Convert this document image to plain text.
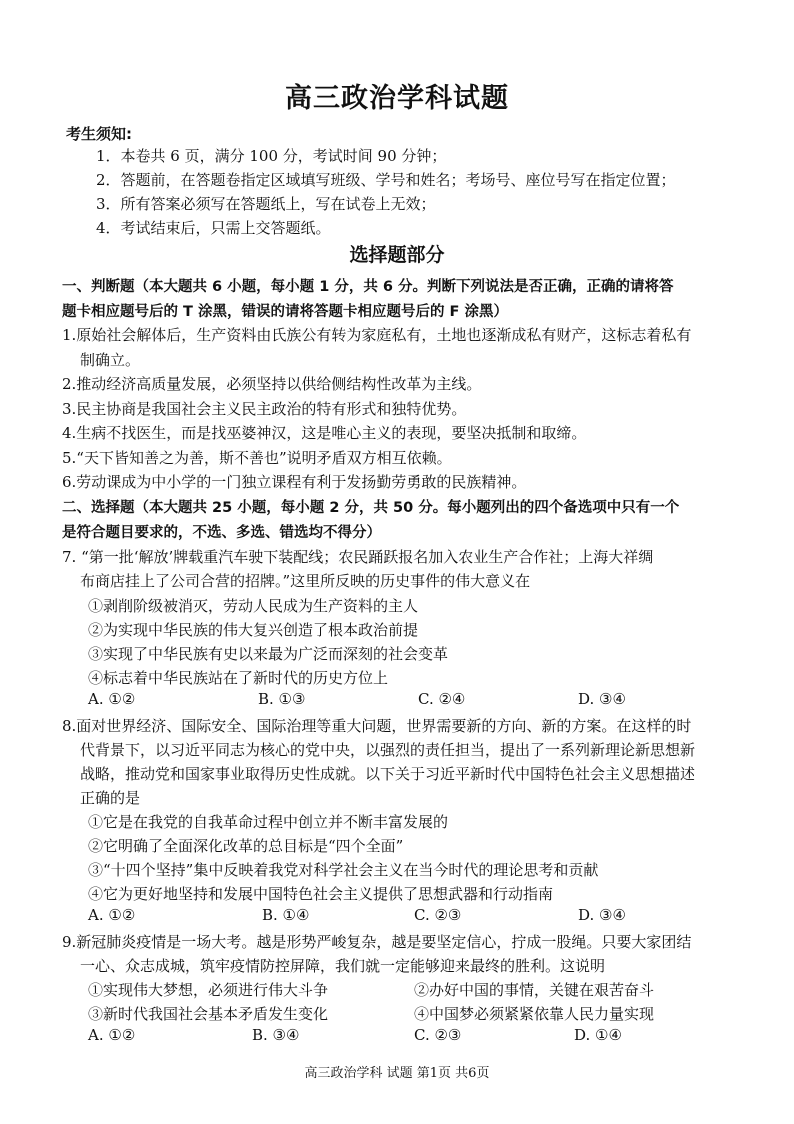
高三政治学科试题
考生须知:
1．本卷共 6 页，满分 100 分，考试时间 90 分钟；
2．答题前，在答题卷指定区域填写班级、学号和姓名；考场号、座位号写在指定位置；
3．所有答案必须写在答题纸上，写在试卷上无效；
4．考试结束后，只需上交答题纸。
选择题部分
一、判断题（本大题共 6 小题，每小题 1 分，共 6 分。判断下列说法是否正确，正确的请将答
题卡相应题号后的 T 涂黑，错误的请将答题卡相应题号后的 F 涂黑）
1.原始社会解体后，生产资料由氏族公有转为家庭私有，土地也逐渐成私有财产，这标志着私有
制确立。
2.推动经济高质量发展，必须坚持以供给侧结构性改革为主线。
3.民主协商是我国社会主义民主政治的特有形式和独特优势。
4.生病不找医生，而是找巫婆神汉，这是唯心主义的表现，要坚决抵制和取缔。
5.“天下皆知善之为善，斯不善也”说明矛盾双方相互依赖。
6.劳动课成为中小学的一门独立课程有利于发扬勤劳勇敢的民族精神。
二、选择题（本大题共 25 小题，每小题 2 分，共 50 分。每小题列出的四个备选项中只有一个
是符合题目要求的，不选、多选、错选均不得分）
7. “第一批‘解放’牌载重汽车驶下装配线；农民踊跃报名加入农业生产合作社；上海大祥绸
布商店挂上了公司合营的招牌。”这里所反映的历史事件的伟大意义在
①剥削阶级被消灭，劳动人民成为生产资料的主人
②为实现中华民族的伟大复兴创造了根本政治前提
③实现了中华民族有史以来最为广泛而深刻的社会变革
④标志着中华民族站在了新时代的历史方位上
A. ①②	B. ①③	C. ②④	D. ③④
8.面对世界经济、国际安全、国际治理等重大问题，世界需要新的方向、新的方案。在这样的时
代背景下，以习近平同志为核心的党中央，以强烈的责任担当，提出了一系列新理论新思想新
战略，推动党和国家事业取得历史性成就。以下关于习近平新时代中国特色社会主义思想描述
正确的是
①它是在我党的自我革命过程中创立并不断丰富发展的
②它明确了全面深化改革的总目标是“四个全面”
③“十四个坚持”集中反映着我党对科学社会主义在当今时代的理论思考和贡献
④它为更好地坚持和发展中国特色社会主义提供了思想武器和行动指南
A. ①②	B. ①④	C. ②③	D. ③④
9.新冠肺炎疫情是一场大考。越是形势严峻复杂，越是要坚定信心，拧成一股绳。只要大家团结
一心、众志成城，筑牢疫情防控屏障，我们就一定能够迎来最终的胜利。这说明
①实现伟大梦想，必须进行伟大斗争	②办好中国的事情，关键在艰苦奋斗
③新时代我国社会基本矛盾发生变化	④中国梦必须紧紧依靠人民力量实现
A. ①②	B. ③④	C. ②③	D. ①④
高三政治学科 试题 第1页 共6页
